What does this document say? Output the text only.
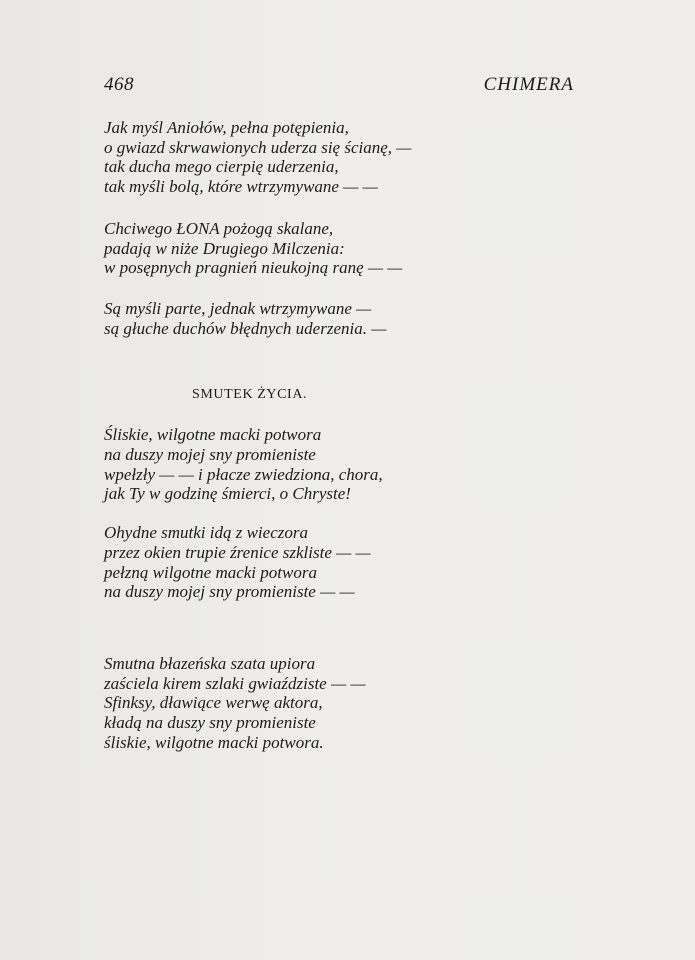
468	CHIMERA
Jak myśl Aniołów, pełna potępienia,
o gwiazd skrwawionych uderza się ścianę, —
tak ducha mego cierpię uderzenia,
tak myśli bolą, które wtrzymywane — —
Chciwego ŁONA pożogą skalane,
padają w niże Drugiego Milczenia:
w posępnych pragnień nieukojną ranę — —
Są myśli parte, jednak wtrzymywane —
są głuche duchów błędnych uderzenia. —
SMUTEK ŻYCIA.
Śliskie, wilgotne macki potwora
na duszy mojej sny promieniste
wpełzły — — i płacze zwiedziona, chora,
jak Ty w godzinę śmierci, o Chryste!
Ohydne smutki idą z wieczora
przez okien trupie źrenice szkliste — —
pełzną wilgotne macki potwora
na duszy mojej sny promieniste — —
Smutna błazeńska szata upiora
zaściela kirem szlaki gwiaździste — —
Sfinksy, dławiące werwę aktora,
kładą na duszy sny promieniste
śliskie, wilgotne macki potwora.
